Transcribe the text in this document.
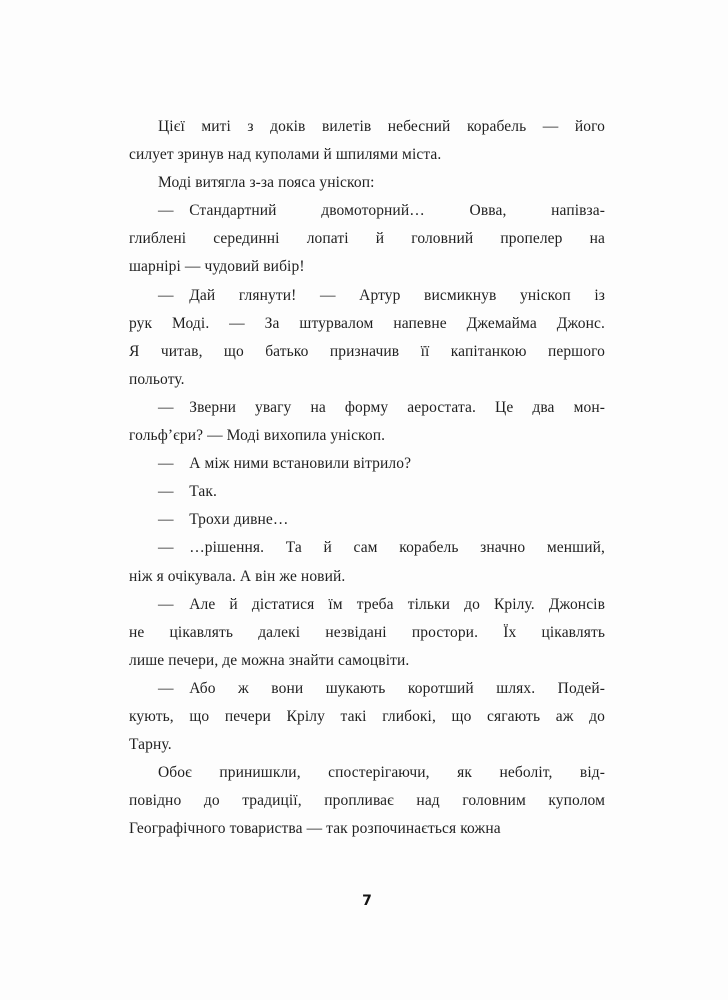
Цієї миті з доків вилетів небесний корабель — його
силует зринув над куполами й шпилями міста.
Моді витягла з-за пояса уніскоп:
— Стандартний двомоторний… Овва, напівза-
глиблені серединні лопаті й головний пропелер на
шарнірі — чудовий вибір!
— Дай глянути! — Артур висмикнув уніскоп із
рук Моді. — За штурвалом напевне Джемайма Джонс.
Я читав, що батько призначив її капітанкою першого
польоту.
— Зверни увагу на форму аеростата. Це два мон-
гольф’єри? — Моді вихопила уніскоп.
— А між ними встановили вітрило?
— Так.
— Трохи дивне…
— …рішення. Та й сам корабель значно менший,
ніж я очікувала. А він же новий.
— Але й дістатися їм треба тільки до Крілу. Джонсів
не цікавлять далекі незвідані простори. Їх цікавлять
лише печери, де можна знайти самоцвіти.
— Або ж вони шукають коротший шлях. Подей-
кують, що печери Крілу такі глибокі, що сягають аж до
Тарну.
Обоє принишкли, спостерігаючи, як неболіт, від-
повідно до традиції, пропливає над головним куполом
Географічного товариства — так розпочинається кожна
7
